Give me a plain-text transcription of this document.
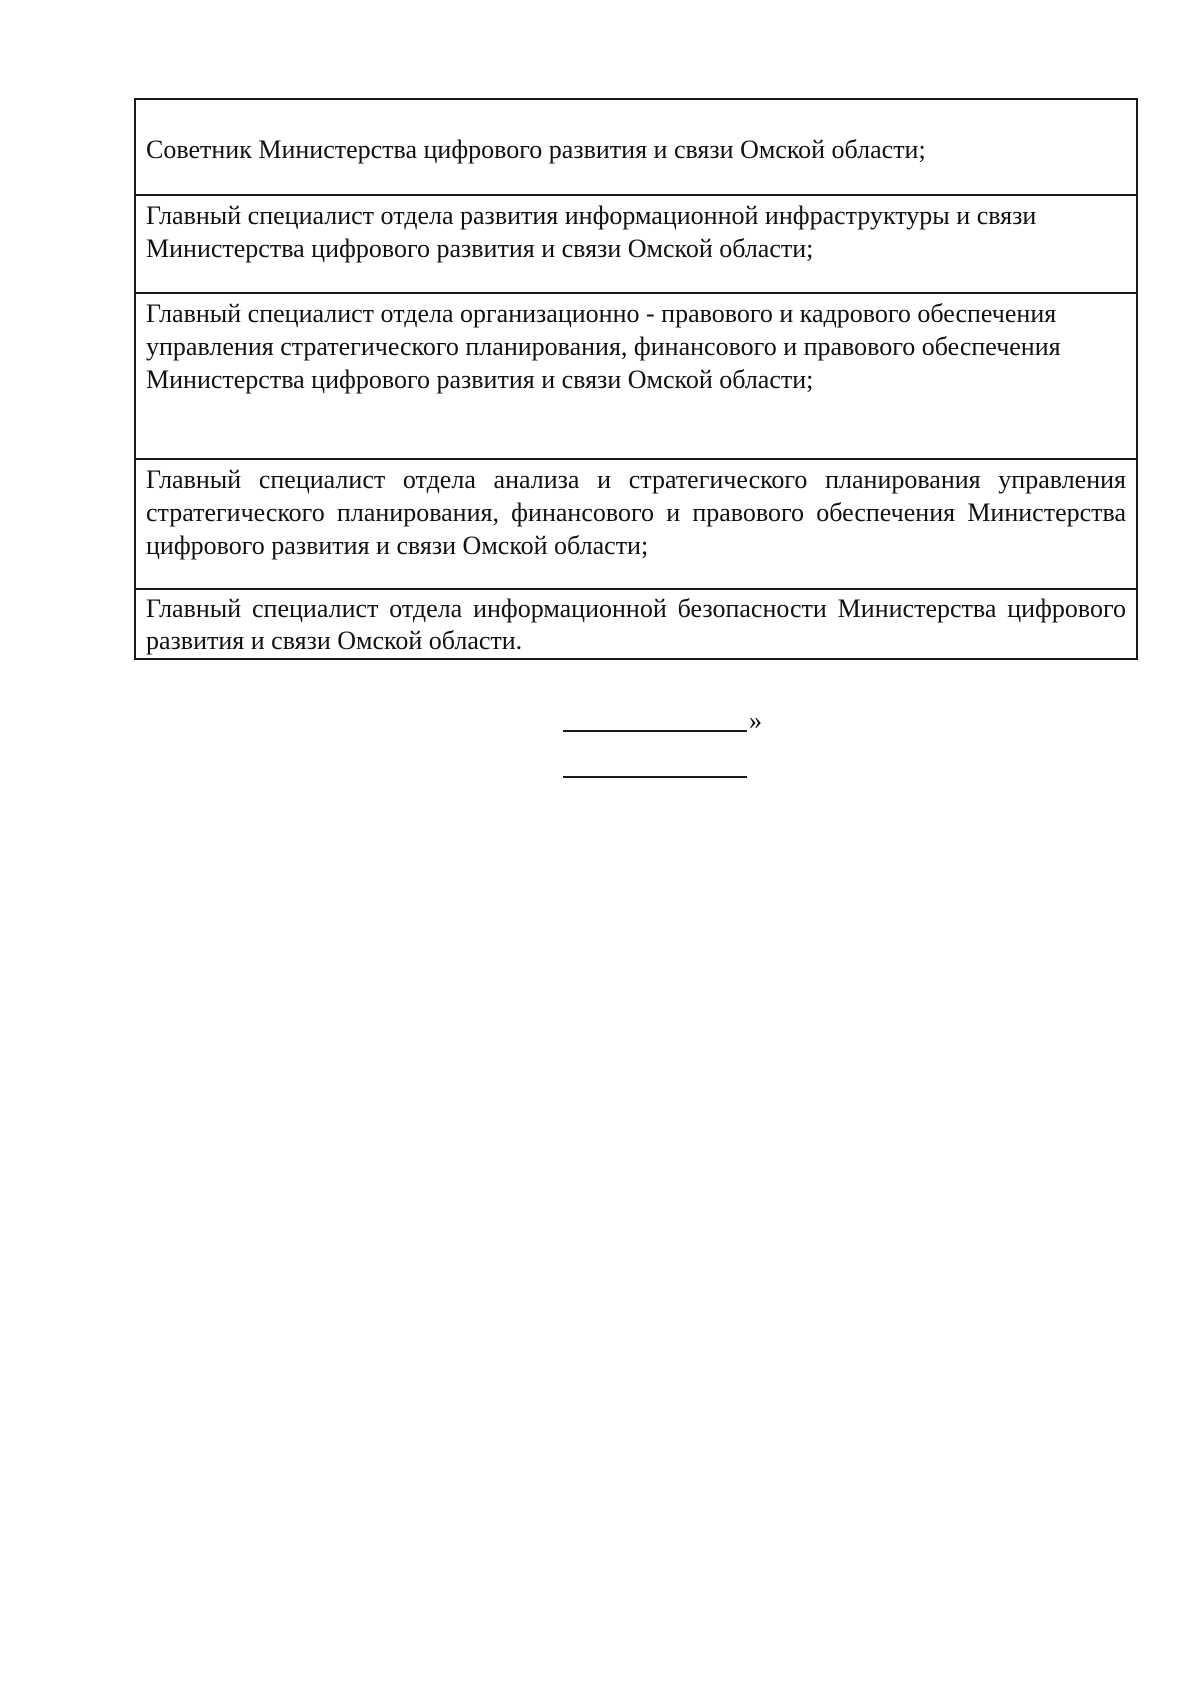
Советник Министерства цифрового развития и связи Омской области;
Главный специалист отдела развития информационной инфраструктуры и связи Министерства цифрового развития и связи Омской области;
Главный специалист отдела организационно - правового и кадрового обеспечения управления стратегического планирования, финансового и правового обеспечения Министерства цифрового развития и связи Омской области;
Главный специалист отдела анализа и стратегического планирования управления стратегического планирования, финансового и правового обеспечения Министерства цифрового развития и связи Омской области;
Главный специалист отдела информационной безопасности Министерства цифрового развития и связи Омской области.
»
